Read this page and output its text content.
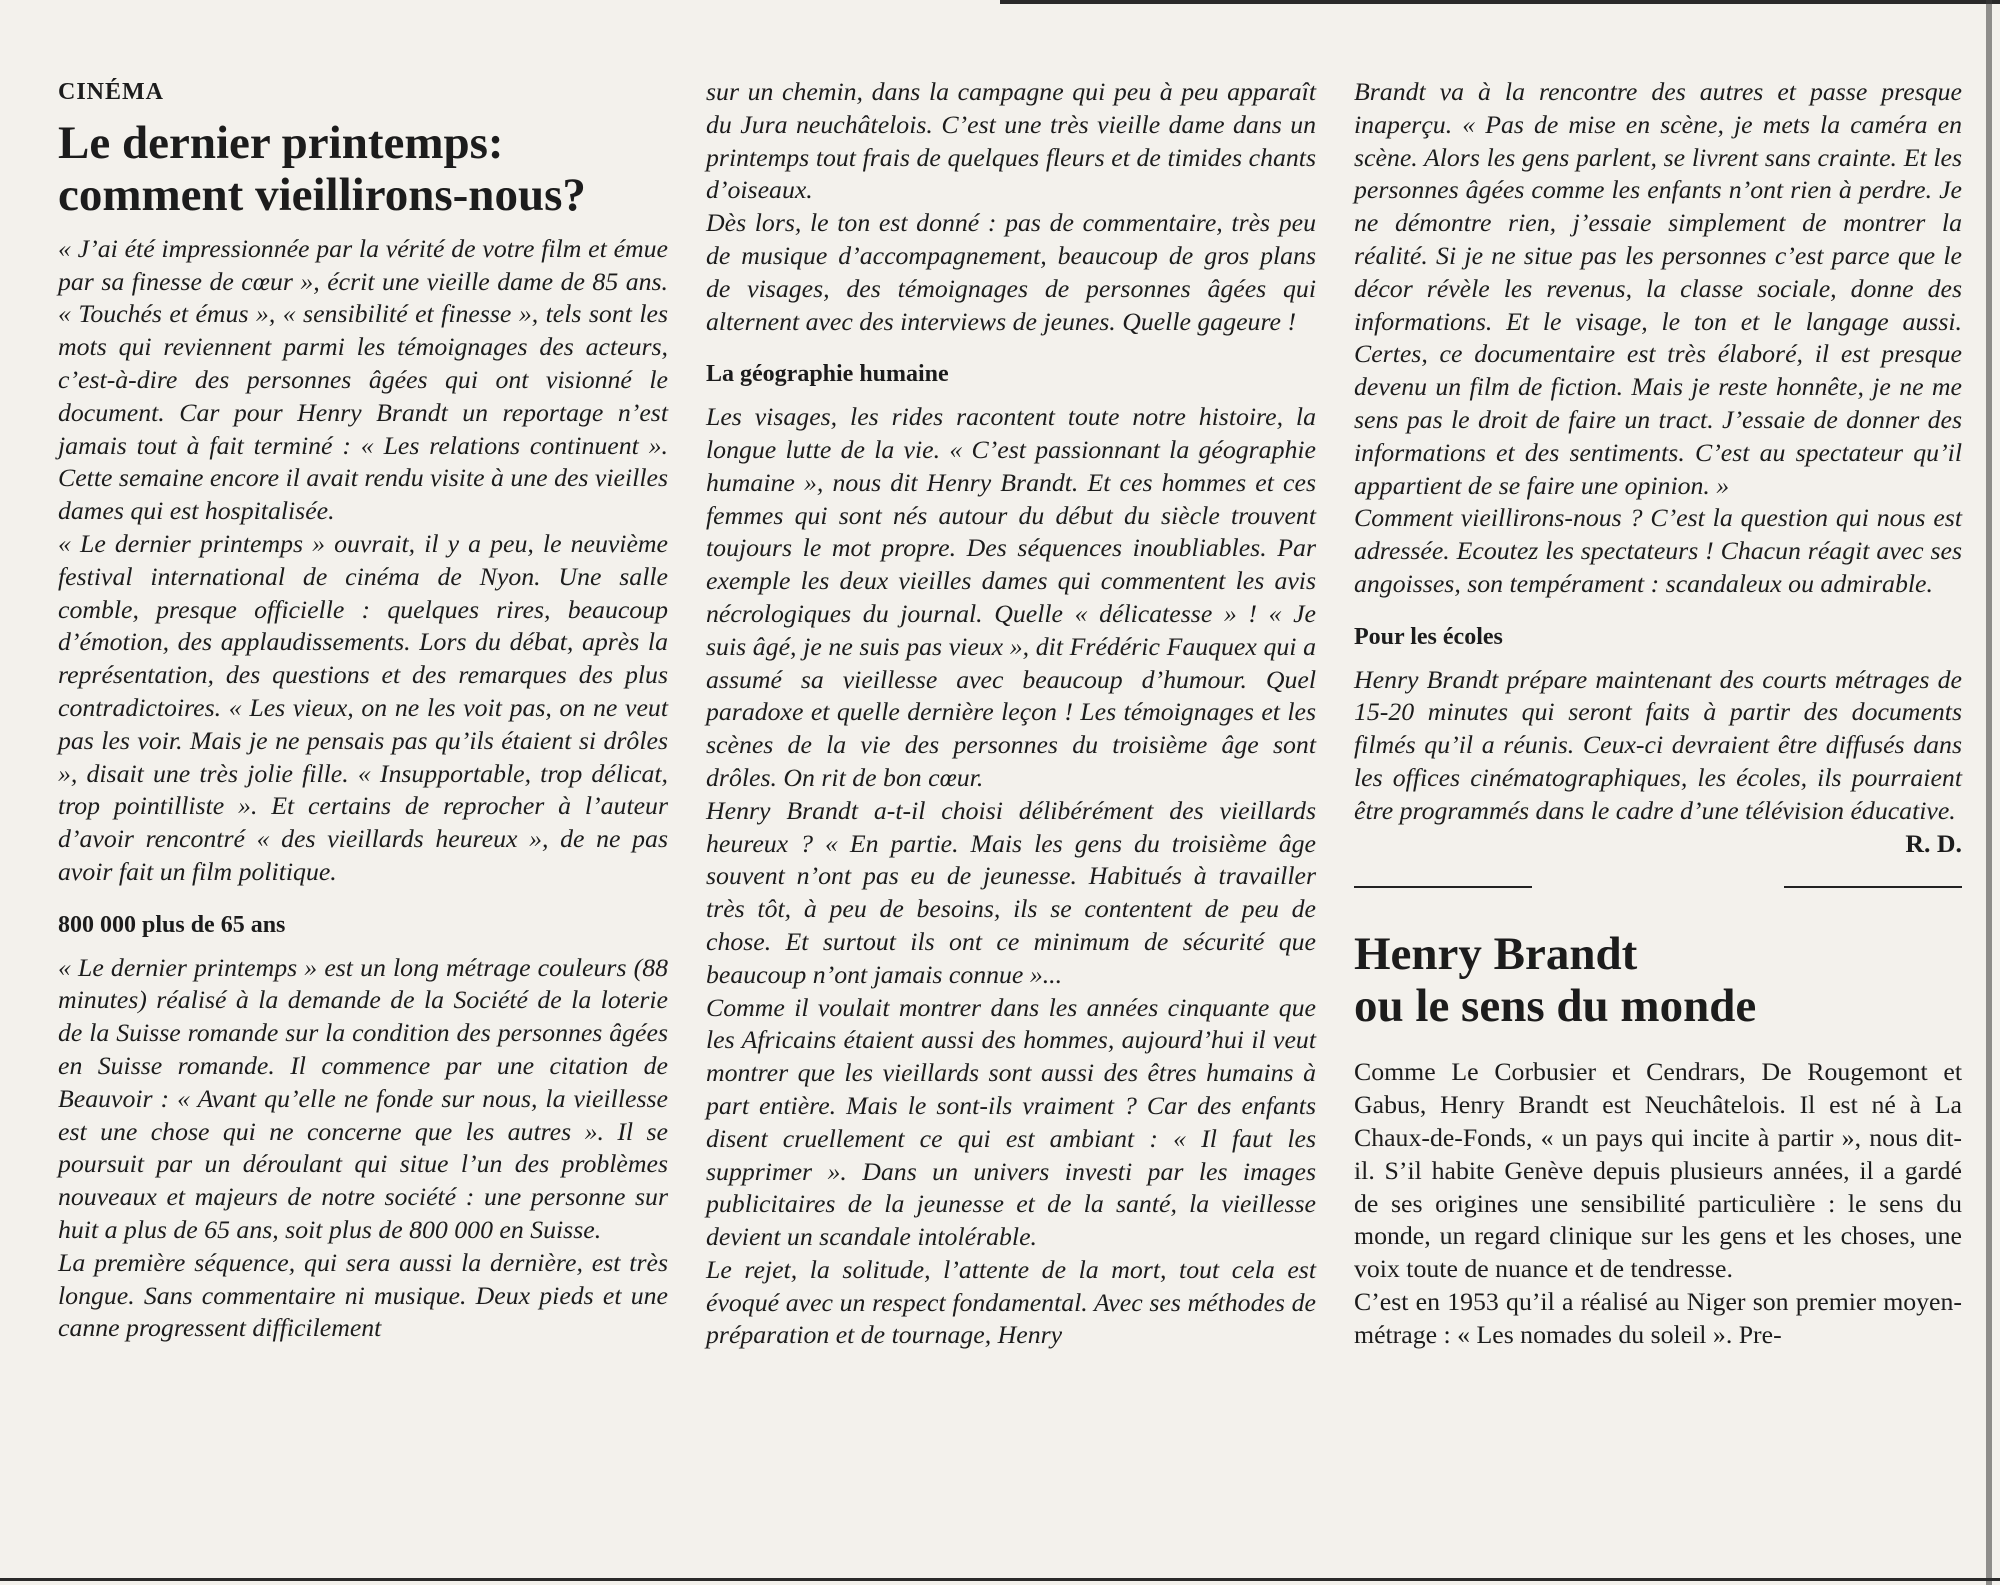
CINÉMA

Le dernier printemps:
comment vieillirons-nous?

« J’ai été impressionnée par la vérité de votre film et émue par sa finesse de cœur », écrit une vieille dame de 85 ans. « Touchés et émus », « sensibilité et finesse », tels sont les mots qui reviennent parmi les témoignages des acteurs, c’est-à-dire des personnes âgées qui ont visionné le document. Car pour Henry Brandt un reportage n’est jamais tout à fait terminé : « Les relations continuent ». Cette semaine encore il avait rendu visite à une des vieilles dames qui est hospitalisée.

« Le dernier printemps » ouvrait, il y a peu, le neuvième festival international de cinéma de Nyon. Une salle comble, presque officielle : quelques rires, beaucoup d’émotion, des applaudissements. Lors du débat, après la représentation, des questions et des remarques des plus contradictoires. « Les vieux, on ne les voit pas, on ne veut pas les voir. Mais je ne pensais pas qu’ils étaient si drôles », disait une très jolie fille. « Insupportable, trop délicat, trop pointilliste ». Et certains de reprocher à l’auteur d’avoir rencontré « des vieillards heureux », de ne pas avoir fait un film politique.

800 000 plus de 65 ans

« Le dernier printemps » est un long métrage couleurs (88 minutes) réalisé à la demande de la Société de la loterie de la Suisse romande sur la condition des personnes âgées en Suisse romande. Il commence par une citation de Beauvoir : « Avant qu’elle ne fonde sur nous, la vieillesse est une chose qui ne concerne que les autres ». Il se poursuit par un déroulant qui situe l’un des problèmes nouveaux et majeurs de notre société : une personne sur huit a plus de 65 ans, soit plus de 800 000 en Suisse.

La première séquence, qui sera aussi la dernière, est très longue. Sans commentaire ni musique. Deux pieds et une canne progressent difficilement

sur un chemin, dans la campagne qui peu à peu apparaît du Jura neuchâtelois. C’est une très vieille dame dans un printemps tout frais de quelques fleurs et de timides chants d’oiseaux.

Dès lors, le ton est donné : pas de commentaire, très peu de musique d’accompagnement, beaucoup de gros plans de visages, des témoignages de personnes âgées qui alternent avec des interviews de jeunes. Quelle gageure !

La géographie humaine

Les visages, les rides racontent toute notre histoire, la longue lutte de la vie. « C’est passionnant la géographie humaine », nous dit Henry Brandt. Et ces hommes et ces femmes qui sont nés autour du début du siècle trouvent toujours le mot propre. Des séquences inoubliables. Par exemple les deux vieilles dames qui commentent les avis nécrologiques du journal. Quelle « délicatesse » ! « Je suis âgé, je ne suis pas vieux », dit Frédéric Fauquex qui a assumé sa vieillesse avec beaucoup d’humour. Quel paradoxe et quelle dernière leçon ! Les témoignages et les scènes de la vie des personnes du troisième âge sont drôles. On rit de bon cœur.

Henry Brandt a-t-il choisi délibérément des vieillards heureux ? « En partie. Mais les gens du troisième âge souvent n’ont pas eu de jeunesse. Habitués à travailler très tôt, à peu de besoins, ils se contentent de peu de chose. Et surtout ils ont ce minimum de sécurité que beaucoup n’ont jamais connue »...

Comme il voulait montrer dans les années cinquante que les Africains étaient aussi des hommes, aujourd’hui il veut montrer que les vieillards sont aussi des êtres humains à part entière. Mais le sont-ils vraiment ? Car des enfants disent cruellement ce qui est ambiant : « Il faut les supprimer ». Dans un univers investi par les images publicitaires de la jeunesse et de la santé, la vieillesse devient un scandale intolérable.

Le rejet, la solitude, l’attente de la mort, tout cela est évoqué avec un respect fondamental. Avec ses méthodes de préparation et de tournage, Henry

Brandt va à la rencontre des autres et passe presque inaperçu. « Pas de mise en scène, je mets la caméra en scène. Alors les gens parlent, se livrent sans crainte. Et les personnes âgées comme les enfants n’ont rien à perdre. Je ne démontre rien, j’essaie simplement de montrer la réalité. Si je ne situe pas les personnes c’est parce que le décor révèle les revenus, la classe sociale, donne des informations. Et le visage, le ton et le langage aussi. Certes, ce documentaire est très élaboré, il est presque devenu un film de fiction. Mais je reste honnête, je ne me sens pas le droit de faire un tract. J’essaie de donner des informations et des sentiments. C’est au spectateur qu’il appartient de se faire une opinion. »

Comment vieillirons-nous ? C’est la question qui nous est adressée. Ecoutez les spectateurs ! Chacun réagit avec ses angoisses, son tempérament : scandaleux ou admirable.

Pour les écoles

Henry Brandt prépare maintenant des courts métrages de 15-20 minutes qui seront faits à partir des documents filmés qu’il a réunis. Ceux-ci devraient être diffusés dans les offices cinématographiques, les écoles, ils pourraient être programmés dans le cadre d’une télévision éducative.

R. D.

Henry Brandt
ou le sens du monde

Comme Le Corbusier et Cendrars, De Rougemont et Gabus, Henry Brandt est Neuchâtelois. Il est né à La Chaux-de-Fonds, « un pays qui incite à partir », nous dit-il. S’il habite Genève depuis plusieurs années, il a gardé de ses origines une sensibilité particulière : le sens du monde, un regard clinique sur les gens et les choses, une voix toute de nuance et de tendresse.

C’est en 1953 qu’il a réalisé au Niger son premier moyen-métrage : « Les nomades du soleil ». Pre-
